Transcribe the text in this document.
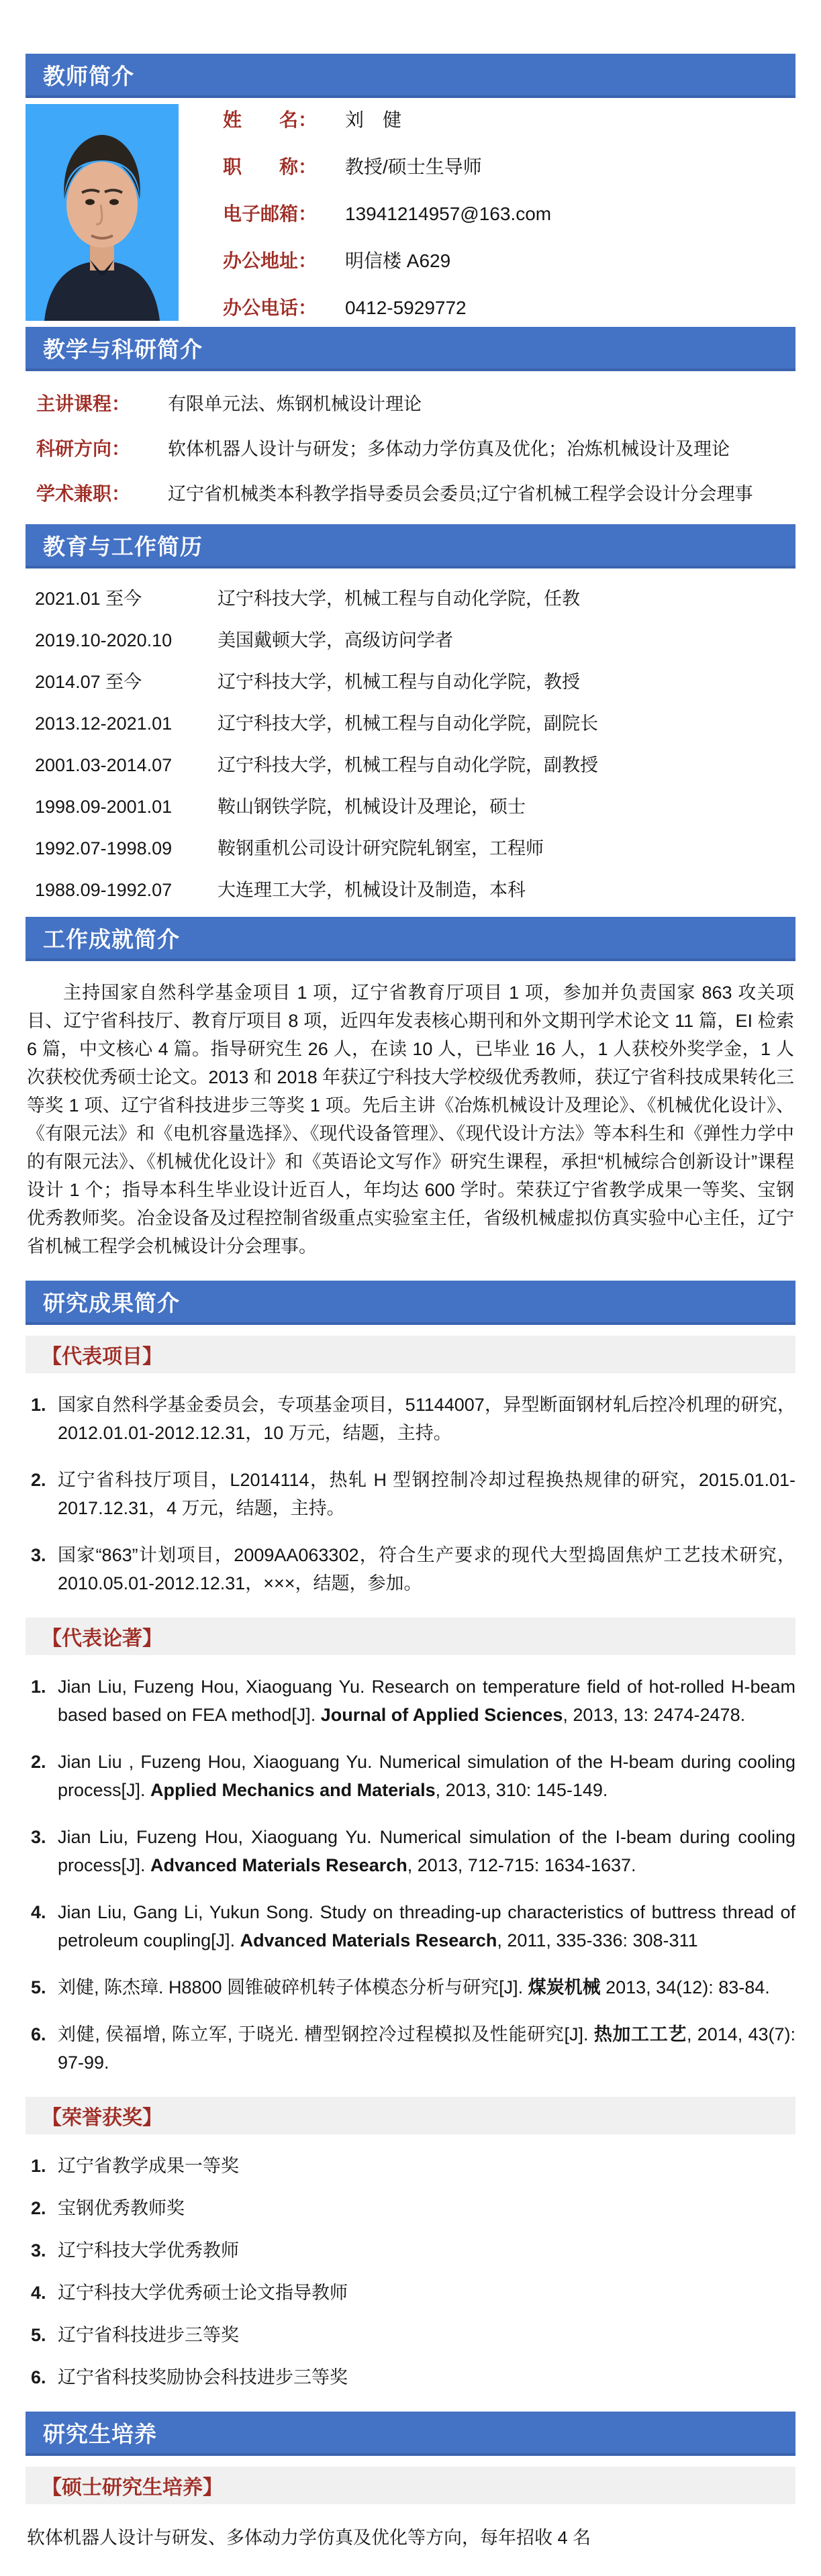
教师简介
姓　　名：	刘　健
职　　称：	教授/硕士生导师
电子邮箱：	13941214957@163.com
办公地址：	明信楼 A629
办公电话：	0412-5929772
教学与科研简介
主讲课程：	有限单元法、炼钢机械设计理论
科研方向：	软体机器人设计与研发；多体动力学仿真及优化；冶炼机械设计及理论
学术兼职：	辽宁省机械类本科教学指导委员会委员;辽宁省机械工程学会设计分会理事
教育与工作简历
2021.01 至今	辽宁科技大学，机械工程与自动化学院，任教
2019.10-2020.10	美国戴顿大学，高级访问学者
2014.07 至今	辽宁科技大学，机械工程与自动化学院，教授
2013.12-2021.01	辽宁科技大学，机械工程与自动化学院，副院长
2001.03-2014.07	辽宁科技大学，机械工程与自动化学院，副教授
1998.09-2001.01	鞍山钢铁学院，机械设计及理论，硕士
1992.07-1998.09	鞍钢重机公司设计研究院轧钢室，工程师
1988.09-1992.07	大连理工大学，机械设计及制造，本科
工作成就简介

主持国家自然科学基金项目 1 项，辽宁省教育厅项目 1 项，参加并负责国家 863 攻关项目、辽宁省科技厅、教育厅项目 8 项，近四年发表核心期刊和外文期刊学术论文 11 篇，EI 检索 6 篇，中文核心 4 篇。指导研究生 26 人，在读 10 人，已毕业 16 人，1 人获校外奖学金，1 人次获校优秀硕士论文。2013 和 2018 年获辽宁科技大学校级优秀教师，获辽宁省科技成果转化三等奖 1 项、辽宁省科技进步三等奖 1 项。先后主讲《冶炼机械设计及理论》、《机械优化设计》、《有限元法》和《电机容量选择》、《现代设备管理》、《现代设计方法》等本科生和《弹性力学中的有限元法》、《机械优化设计》和《英语论文写作》研究生课程，承担“机械综合创新设计”课程设计 1 个；指导本科生毕业设计近百人，年均达 600 学时。荣获辽宁省教学成果一等奖、宝钢优秀教师奖。冶金设备及过程控制省级重点实验室主任，省级机械虚拟仿真实验中心主任，辽宁省机械工程学会机械设计分会理事。

研究成果简介
【代表项目】
1. 国家自然科学基金委员会，专项基金项目，51144007，异型断面钢材轧后控冷机理的研究，2012.01.01-2012.12.31，10 万元，结题，主持。
2. 辽宁省科技厅项目，L2014114，热轧 H 型钢控制冷却过程换热规律的研究，2015.01.01-2017.12.31，4 万元，结题，主持。
3. 国家“863”计划项目，2009AA063302，符合生产要求的现代大型捣固焦炉工艺技术研究，2010.05.01-2012.12.31，×××，结题，参加。
【代表论著】
1. Jian Liu, Fuzeng Hou, Xiaoguang Yu. Research on temperature field of hot-rolled H-beam based based on FEA method[J]. Journal of Applied Sciences, 2013, 13: 2474-2478.
2. Jian Liu , Fuzeng Hou, Xiaoguang Yu. Numerical simulation of the H-beam during cooling process[J]. Applied Mechanics and Materials, 2013, 310: 145-149.
3. Jian Liu, Fuzeng Hou, Xiaoguang Yu. Numerical simulation of the I-beam during cooling process[J]. Advanced Materials Research, 2013, 712-715: 1634-1637.
4. Jian Liu, Gang Li, Yukun Song. Study on threading-up characteristics of buttress thread of petroleum coupling[J]. Advanced Materials Research, 2011, 335-336: 308-311
5. 刘健, 陈杰璋. H8800 圆锥破碎机转子体模态分析与研究[J]. 煤炭机械 2013, 34(12): 83-84.
6. 刘健, 侯福增, 陈立军, 于晓光. 槽型钢控冷过程模拟及性能研究[J]. 热加工工艺, 2014, 43(7): 97-99.
【荣誉获奖】
1. 辽宁省教学成果一等奖
2. 宝钢优秀教师奖
3. 辽宁科技大学优秀教师
4. 辽宁科技大学优秀硕士论文指导教师
5. 辽宁省科技进步三等奖
6. 辽宁省科技奖励协会科技进步三等奖
研究生培养
【硕士研究生培养】

软体机器人设计与研发、多体动力学仿真及优化等方向，每年招收 4 名
